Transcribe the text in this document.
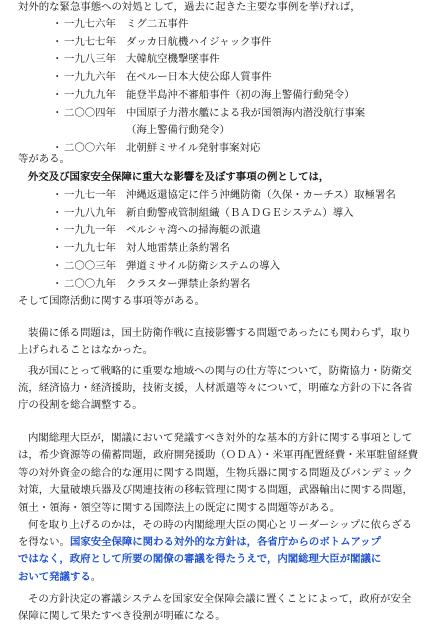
対外的な緊急事態への対処として，過去に起きた主要な事例を挙げれば，
・ 一九七六年 ミグ二五事件
・ 一九七七年 ダッカ日航機ハイジャック事件
・ 一九八三年 大韓航空機撃墜事件
・ 一九九六年 在ペルー日本大使公邸人質事件
・ 一九九九年 能登半島沖不審船事件（初の海上警備行動発令）
・ 二〇〇四年 中国原子力潜水艦による我が国領海内潜没航行事案
（海上警備行動発令）
・ 二〇〇六年 北朝鮮ミサイル発射事案対応
等がある。
外交及び国家安全保障に重大な影響を及ぼす事項の例としては，
・ 一九七一年 沖縄返還協定に伴う沖縄防衛（久保・カーチス）取極署名
・ 一九八九年 新自動警戒管制組織（ＢＡＤＧＥシステム）導入
・ 一九九一年 ペルシャ湾への掃海艇の派遣
・ 一九九七年 対人地雷禁止条約署名
・ 二〇〇三年 弾道ミサイル防衛システムの導入
・ 二〇〇九年 クラスター弾禁止条約署名
そして国際活動に関する事項等がある。
装備に係る問題は，国土防衛作戦に直接影響する問題であったにも関わらず，取り
上げられることはなかった。
我が国にとって戦略的に重要な地域への関与の仕方等について，防衛協力・防衛交
流，経済協力・経済援助，技術支援，人材派遣等々について，明確な方針の下に各省
庁の役割を総合調整する。
内閣総理大臣が，閣議において発議すべき対外的な基本的方針に関する事項として
は，希少資源等の備蓄問題，政府開発援助（ＯＤＡ）・米軍再配置経費・米軍駐留経費
等の対外資金の総合的な運用に関する問題，生物兵器に関する問題及びパンデミック
対策，大量破壊兵器及び関連技術の移転管理に関する問題，武器輸出に関する問題，
領土・領海・領空等に関する国際法上の既定に関する問題等がある。
何を取り上げるのかは，その時の内閣総理大臣の関心とリーダーシップに依らざる
を得ない。国家安全保障に関わる対外的な方針は，各省庁からのボトムアップ
ではなく，政府として所要の閣僚の審議を得たうえで，内閣総理大臣が閣議に
おいて発議する。
その方針決定の審議システムを国家安全保障会議に置くことによって，政府が安全
保障に関して果たすべき役割が明確になる。
